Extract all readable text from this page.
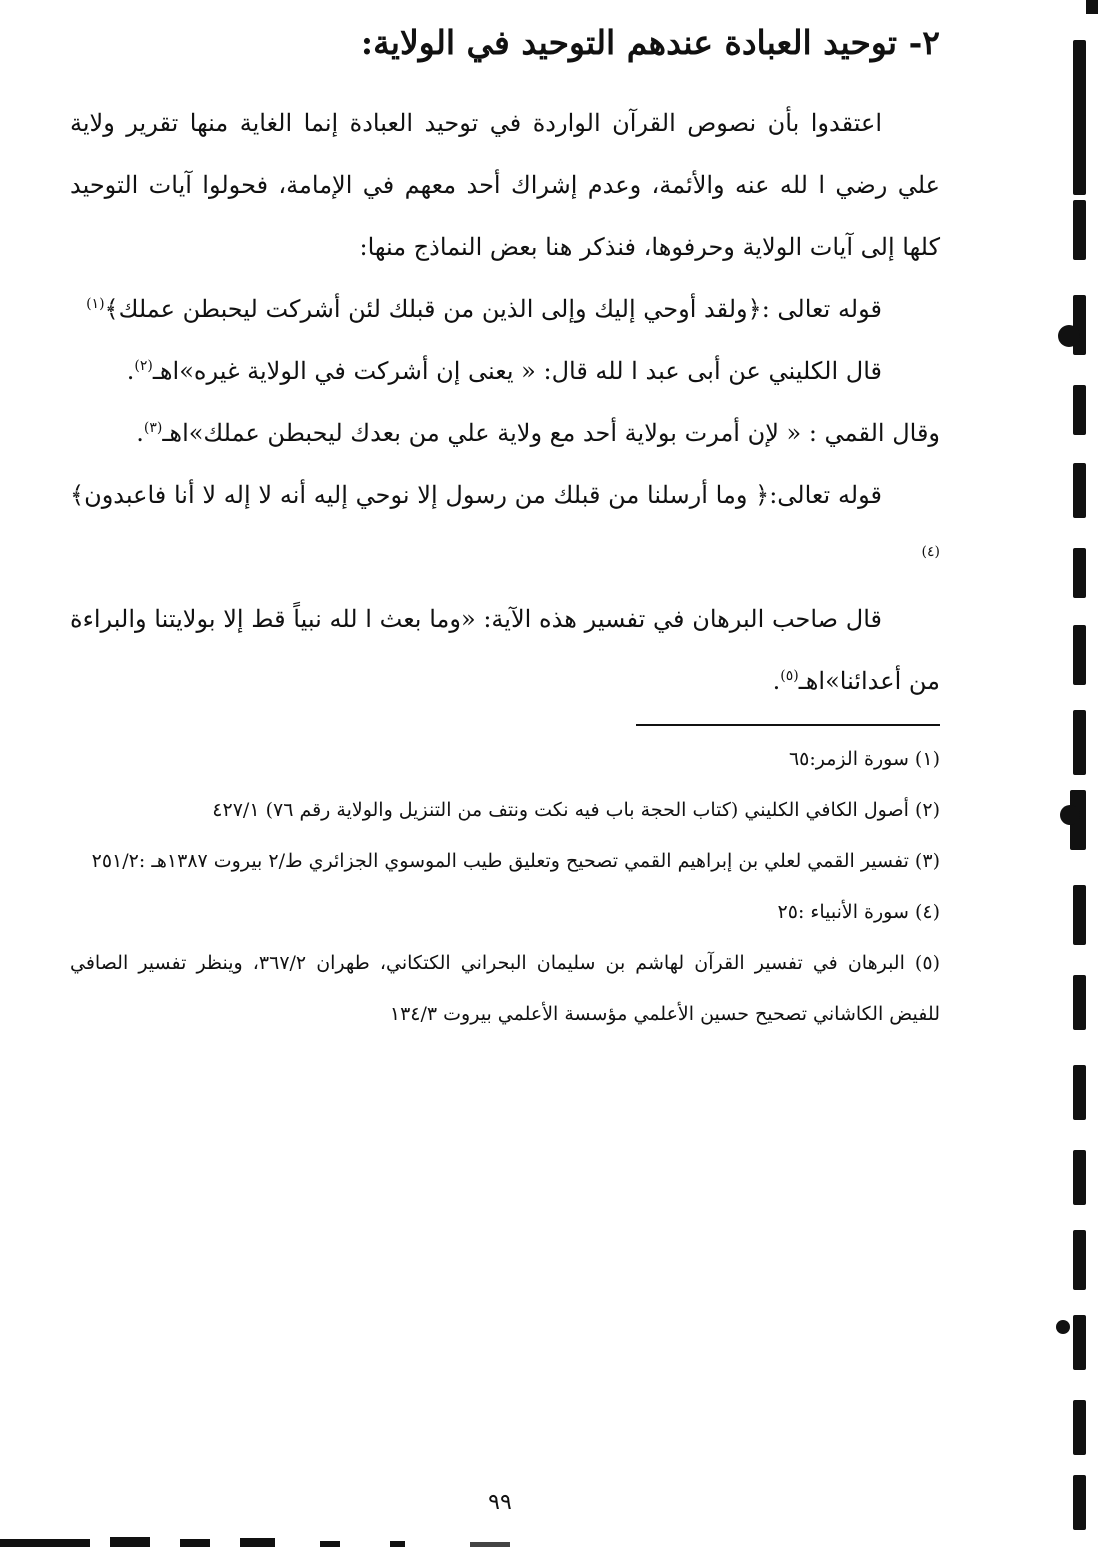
٢- توحيد العبادة عندهم التوحيد في الولاية:

اعتقدوا بأن نصوص القرآن الواردة في توحيد العبادة إنما الغاية منها تقرير ولاية علي رضي ا لله عنه والأئمة، وعدم إشراك أحد معهم في الإمامة، فحولوا آيات التوحيد كلها إلى آيات الولاية وحرفوها، فنذكر هنا بعض النماذج منها:

قوله تعالى :﴿ولقد أوحي إليك وإلى الذين من قبلك لئن أشركت ليحبطن عملك﴾$^{(١)}$

قال الكليني عن أبى عبد ا لله قال: « يعنى إن أشركت في الولاية غيره»اهـ$^{(٢)}$.

وقال القمي : « لإن أمرت بولاية أحد مع ولاية علي من بعدك ليحبطن عملك»اهـ$^{(٣)}$.

قوله تعالى:﴿ وما أرسلنا من قبلك من رسول إلا نوحي إليه أنه لا إله لا أنا فاعبدون﴾$^{(٤)}$

قال صاحب البرهان في تفسير هذه الآية: «وما بعث ا لله نبياً قط إلا بولايتنا والبراءة من أعدائنا»اهـ$^{(٥)}$.

(١) سورة الزمر:٦٥

(٢) أصول الكافي الكليني (كتاب الحجة باب فيه نكت ونتف من التنزيل والولاية رقم ٧٦) ٤٢٧/١

(٣) تفسير القمي لعلي بن إبراهيم القمي تصحيح وتعليق طيب الموسوي الجزائري ط/٢ بيروت ١٣٨٧هـ :٢٥١/٢

(٤) سورة الأنبياء :٢٥

(٥) البرهان في تفسير القرآن لهاشم بن سليمان البحراني الكتكاني، طهران ٣٦٧/٢، وينظر تفسير الصافي للفيض الكاشاني تصحيح حسين الأعلمي مؤسسة الأعلمي بيروت ١٣٤/٣

٩٩
